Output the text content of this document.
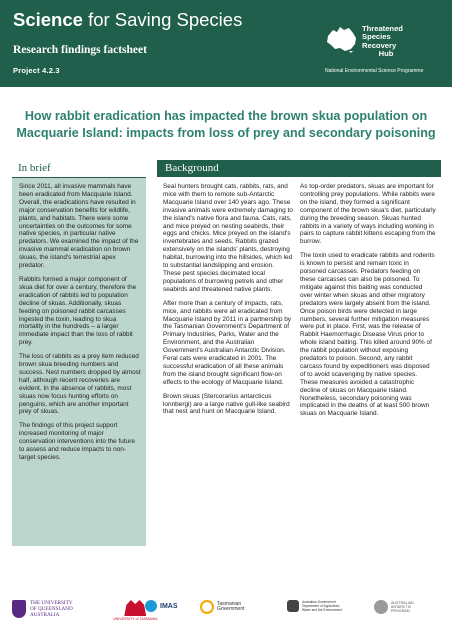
Science for Saving Species
Research findings factsheet
Project 4.2.3
Threatened
Species
Recovery
Hub
National Environmental Science Programme
How rabbit eradication has impacted the brown skua population on Macquarie Island: impacts from loss of prey and secondary poisoning
In brief

Since 2011, all invasive mammals have been eradicated from Macquarie Island. Overall, the eradications have resulted in major conservation benefits for wildlife, plants, and habitats. There were some uncertainties on the outcomes for some native species, in particular native predators. We examined the impact of the invasive mammal eradication on brown skuas, the island's terrestrial apex predator.

Rabbits formed a major component of skua diet for over a century, therefore the eradication of rabbits led to population decline of skuas. Additionally, skuas feeding on poisoned rabbit carcasses ingested the toxin, leading to skua mortality in the hundreds – a larger immediate impact than the loss of rabbit prey.

The loss of rabbits as a prey item reduced brown skua breeding numbers and success. Nest numbers dropped by almost half, although recent recoveries are evident. In the absence of rabbits, most skuas now focus hunting efforts on penguins, which are another important prey of skuas.

The findings of this project support increased monitoring of major conservation interventions into the future to assess and reduce impacts to non-target species.

Background

Seal hunters brought cats, rabbits, rats, and mice with them to remote sub-Antarctic Macquarie Island over 140 years ago. These invasive animals were extremely damaging to the island's native flora and fauna. Cats, rats, and mice preyed on nesting seabirds, their eggs and chicks. Mice preyed on the island's invertebrates and seeds. Rabbits grazed extensively on the islands' plants, destroying habitat, burrowing into the hillsides, which led to substantial landslipping and erosion. These pest species decimated local populations of burrowing petrels and other seabirds and threatened native plants.

After more than a century of impacts, rats, mice, and rabbits were all eradicated from Macquarie Island by 2011 in a partnership by the Tasmanian Government's Department of Primary Industries, Parks, Water and the Environment, and the Australian Government's Australian Antarctic Division. Feral cats were eradicated in 2001. The successful eradication of all these animals from the island brought significant flow-on effects to the ecology of Macquarie Island.

Brown skuas (Stercorarius antarcticus lonnbergi) are a large native gull-like seabird that nest and hunt on Macquarie Island.

As top-order predators, skuas are important for controlling prey populations. While rabbits were on the island, they formed a significant component of the brown skua's diet, particularly during the breeding season. Skuas hunted rabbits in a variety of ways including working in pairs to capture rabbit kittens escaping from the burrow.

The toxin used to eradicate rabbits and rodents is known to persist and remain toxic in poisoned carcasses. Predators feeding on these carcasses can also be poisoned. To mitigate against this baiting was conducted over winter when skuas and other migratory predators were largely absent from the island. Once poison birds were detected in large numbers, several further mitigation measures were put in place. First, was the release of Rabbit Haemorrhagic Disease Virus prior to whole island baiting. This killed around 90% of the rabbit population without exposing predators to poison. Second, any rabbit carcass found by expeditioners was disposed of to avoid scavenging by native species. These measures avoided a catastrophic decline of skuas on Macquarie Island. Nonetheless, secondary poisoning was implicated in the deaths of at least 500 brown skuas on Macquarie Island.

THE UNIVERSITY
OF QUEENSLAND
AUSTRALIA
UNIVERSITY of TASMANIA
IMAS	Tasmanian
Government
Australian Government
Department of Agriculture,
Water and the Environment
AUSTRALIAN
ANTARCTIC
PROGRAM
